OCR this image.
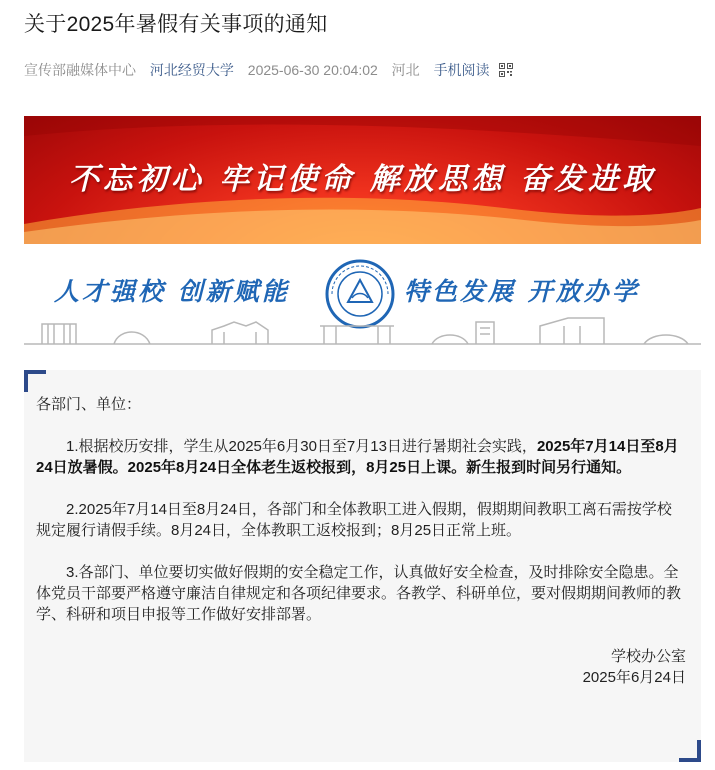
关于2025年暑假有关事项的通知
宣传部融媒体中心 河北经贸大学 2025-06-30 20:04:02 河北 手机阅读
不忘初心 牢记使命 解放思想 奋发进取
人才强校 创新赋能	特色发展 开放办学

各部门、单位：

1.根据校历安排，学生从2025年6月30日至7月13日进行暑期社会实践，2025年7月14日至8月24日放暑假。2025年8月24日全体老生返校报到，8月25日上课。新生报到时间另行通知。

2.2025年7月14日至8月24日，各部门和全体教职工进入假期，假期期间教职工离石需按学校规定履行请假手续。8月24日，全体教职工返校报到；8月25日正常上班。

3.各部门、单位要切实做好假期的安全稳定工作，认真做好安全检查，及时排除安全隐患。全体党员干部要严格遵守廉洁自律规定和各项纪律要求。各教学、科研单位，要对假期期间教师的教学、科研和项目申报等工作做好安排部署。

学校办公室

2025年6月24日
